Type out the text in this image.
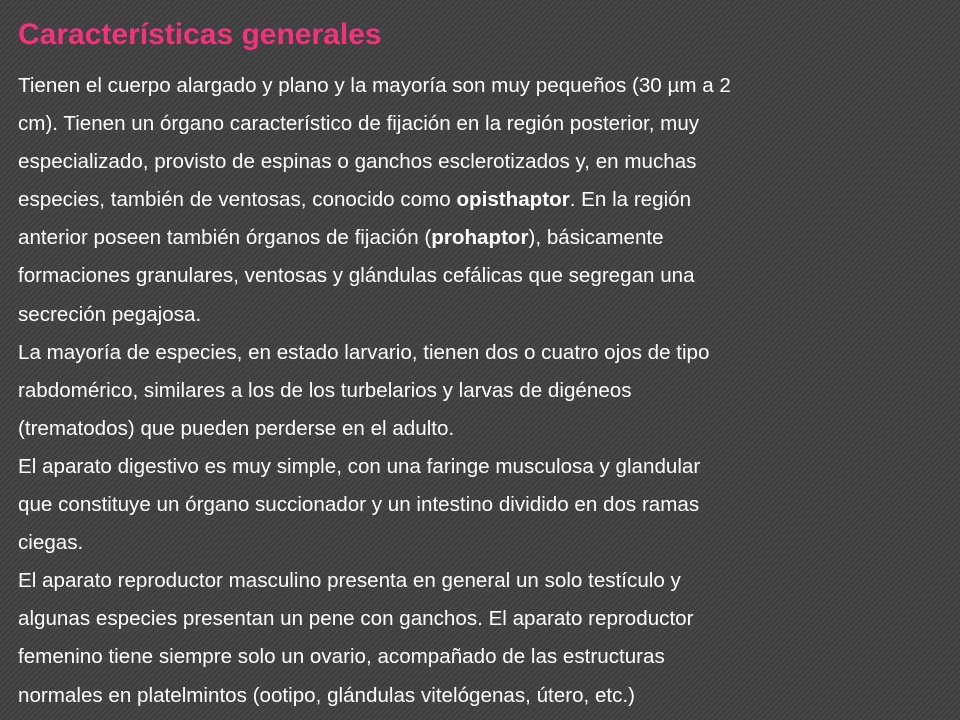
Características generales

Tienen el cuerpo alargado y plano y la mayoría son muy pequeños (30 µm a 2
cm). Tienen un órgano característico de fijación en la región posterior, muy
especializado, provisto de espinas o ganchos esclerotizados y, en muchas
especies, también de ventosas, conocido como opisthaptor. En la región
anterior poseen también órganos de fijación (prohaptor), básicamente
formaciones granulares, ventosas y glándulas cefálicas que segregan una
secreción pegajosa.

La mayoría de especies, en estado larvario, tienen dos o cuatro ojos de tipo
rabdomérico, similares a los de los turbelarios y larvas de digéneos
(trematodos) que pueden perderse en el adulto.

El aparato digestivo es muy simple, con una faringe musculosa y glandular
que constituye un órgano succionador y un intestino dividido en dos ramas
ciegas.

El aparato reproductor masculino presenta en general un solo testículo y
algunas especies presentan un pene con ganchos. El aparato reproductor
femenino tiene siempre solo un ovario, acompañado de las estructuras
normales en platelmintos (ootipo, glándulas vitelógenas, útero, etc.)
